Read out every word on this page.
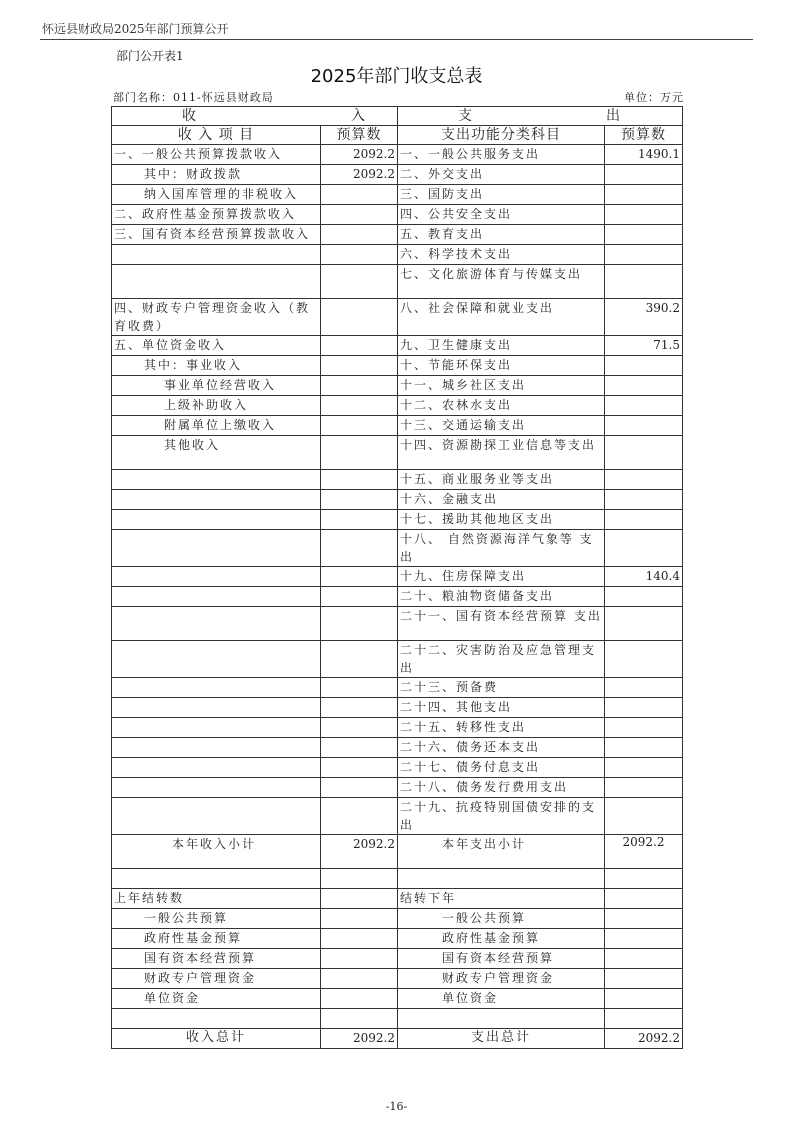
怀远县财政局2025年部门预算公开
部门公开表1
2025年部门收支总表
部门名称：011-怀远县财政局	单位：万元
收 入		支 出	

收 入 项 目	预算数	支出功能分类科目	预算数
一、一般公共预算拨款收入	2092.2	一、一般公共服务支出	1490.1
其中：财政拨款	2092.2	二、外交支出	
纳入国库管理的非税收入		三、国防支出	
二、政府性基金预算拨款收入		四、公共安全支出	
三、国有资本经营预算拨款收入		五、教育支出	
		六、科学技术支出	
		七、文化旅游体育与传媒支出	
四、财政专户管理资金收入（教 育收费）		八、社会保障和就业支出	390.2
五、单位资金收入		九、卫生健康支出	71.5
其中：事业收入		十、节能环保支出	
事业单位经营收入		十一、城乡社区支出	
上级补助收入		十二、农林水支出	
附属单位上缴收入		十三、交通运输支出	
其他收入		十四、资源勘探工业信息等支出	
		十五、商业服务业等支出	
		十六、金融支出	
		十七、援助其他地区支出	
		十八、 自然资源海洋气象等 支出	
		十九、住房保障支出	140.4
		二十、粮油物资储备支出	
		二十一、国有资本经营预算 支出	
		二十二、灾害防治及应急管理支出	
		二十三、预备费	
		二十四、其他支出	
		二十五、转移性支出	
		二十六、债务还本支出	
		二十七、债务付息支出	
		二十八、债务发行费用支出	
		二十九、抗疫特别国债安排的支出	
本年收入小计	2092.2	本年支出小计	2092.2

上年结转数		结转下年	
一般公共预算		一般公共预算	
政府性基金预算		政府性基金预算	
国有资本经营预算		国有资本经营预算	
财政专户管理资金		财政专户管理资金	
单位资金		单位资金	

收入总计	2092.2	支出总计	2092.2
-16-
